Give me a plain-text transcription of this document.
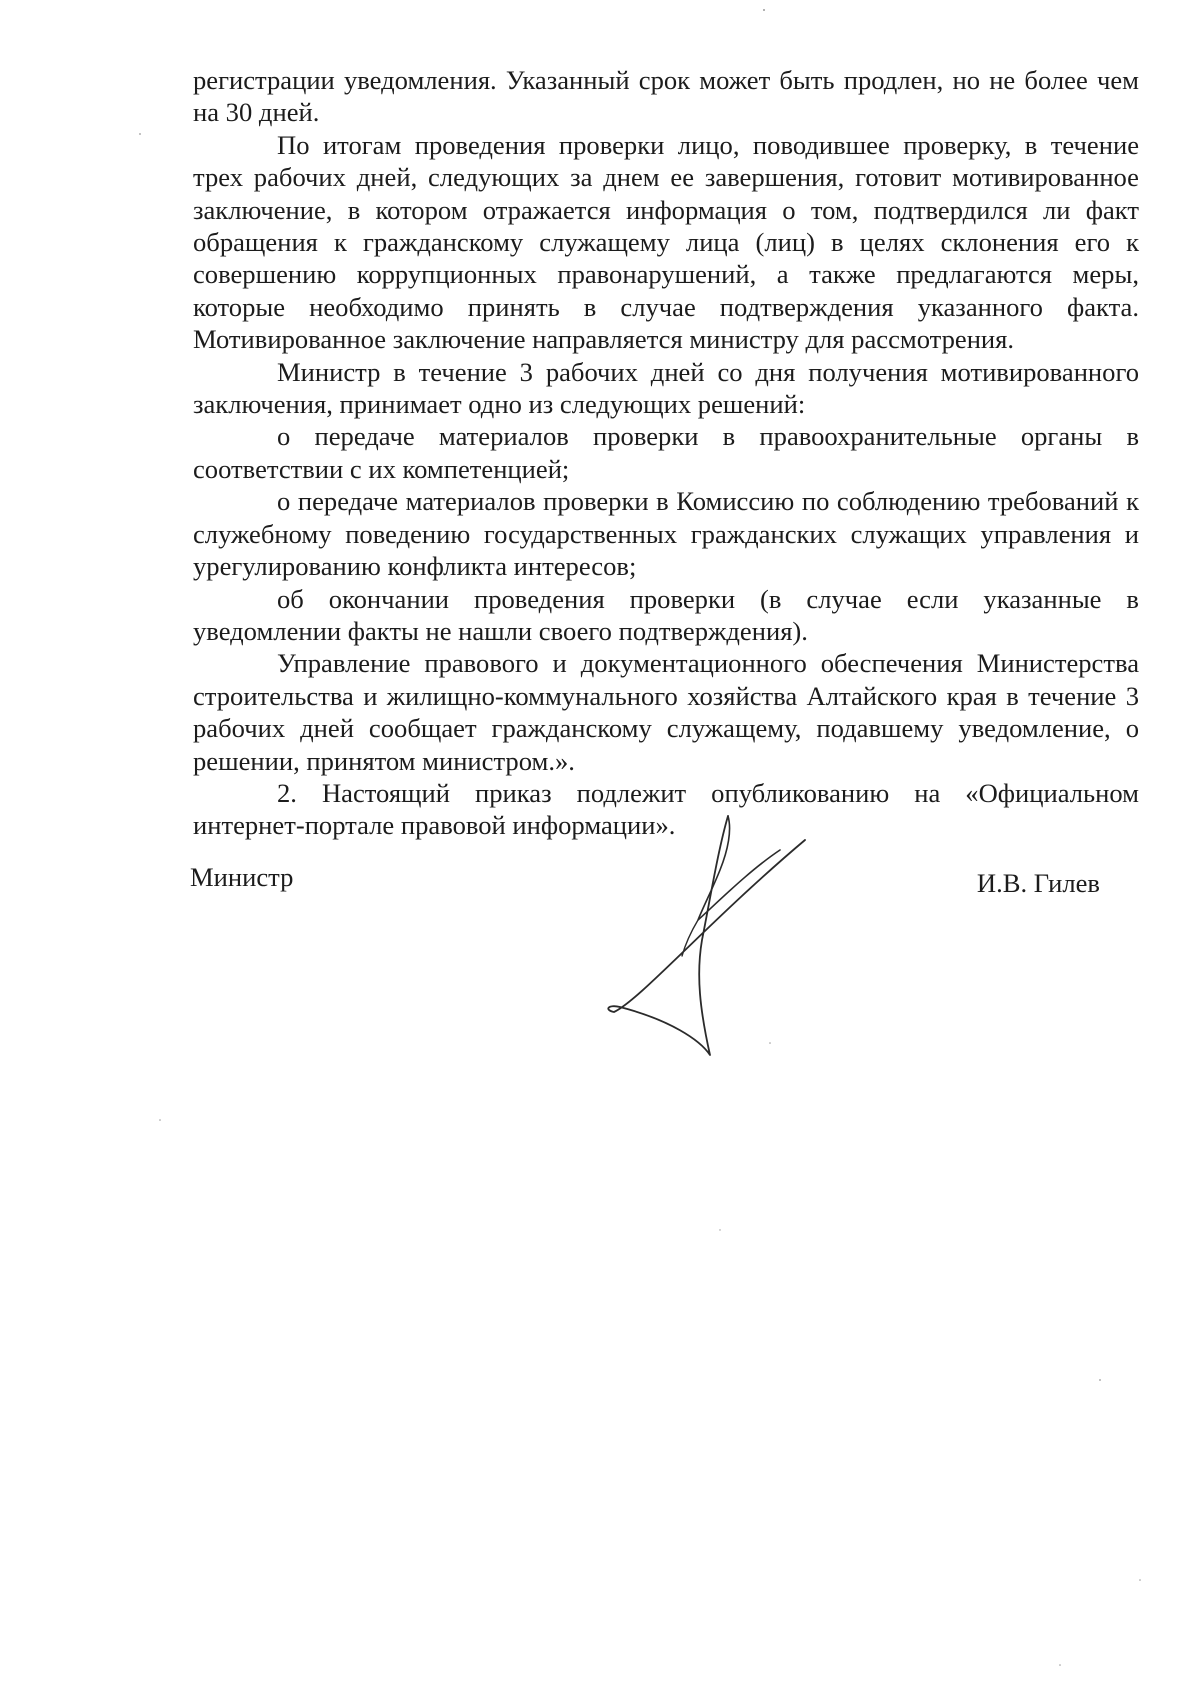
регистрации уведомления. Указанный срок может быть продлен, но не более чем на 30 дней.

По итогам проведения проверки лицо, поводившее проверку, в течение трех рабочих дней, следующих за днем ее завершения, готовит мотивированное заключение, в котором отражается информация о том, подтвердился ли факт обращения к гражданскому служащему лица (лиц) в целях склонения его к совершению коррупционных правонарушений, а также предлагаются меры, которые необходимо принять в случае подтверждения указанного факта. Мотивированное заключение направляется министру для рассмотрения.

Министр в течение 3 рабочих дней со дня получения мотивированного заключения, принимает одно из следующих решений:

о передаче материалов проверки в правоохранительные органы в соответствии с их компетенцией;

о передаче материалов проверки в Комиссию по соблюдению требований к служебному поведению государственных гражданских служащих управления и урегулированию конфликта интересов;

об окончании проведения проверки (в случае если указанные в уведомлении факты не нашли своего подтверждения).

Управление правового и документационного обеспечения Министерства строительства и жилищно-коммунального хозяйства Алтайского края в течение 3 рабочих дней сообщает гражданскому служащему, подавшему уведомление, о решении, принятом министром.».

2. Настоящий приказ подлежит опубликованию на «Официальном интернет-портале правовой информации».

Министр	И.В. Гилев
